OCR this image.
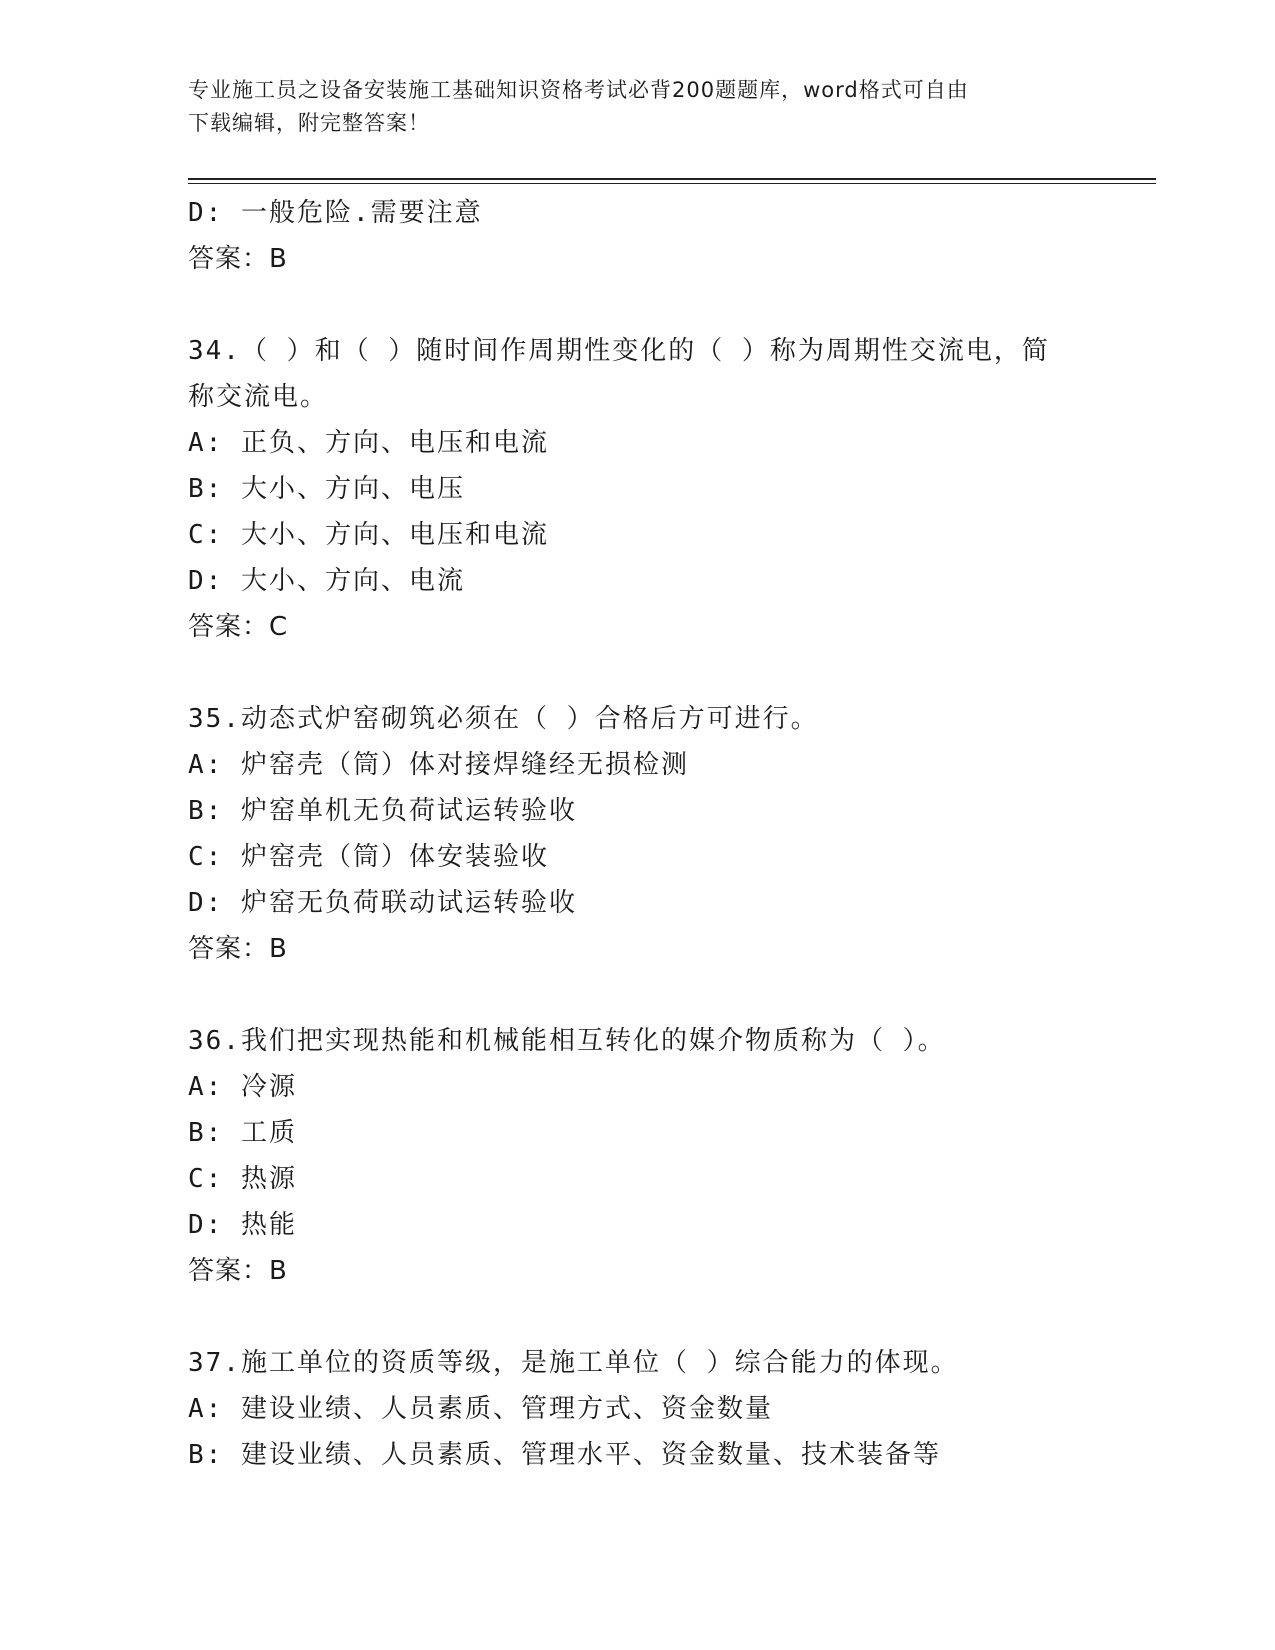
专业施工员之设备安装施工基础知识资格考试必背200题题库，word格式可自由
下载编辑，附完整答案！
D: 一般危险.需要注意
答案：B
34.（ ）和（ ）随时间作周期性变化的（ ）称为周期性交流电，简
称交流电。
A: 正负、方向、电压和电流
B: 大小、方向、电压
C: 大小、方向、电压和电流
D: 大小、方向、电流
答案：C
35.动态式炉窑砌筑必须在（ ）合格后方可进行。
A: 炉窑壳（筒）体对接焊缝经无损检测
B: 炉窑单机无负荷试运转验收
C: 炉窑壳（筒）体安装验收
D: 炉窑无负荷联动试运转验收
答案：B
36.我们把实现热能和机械能相互转化的媒介物质称为（ ）。
A: 冷源
B: 工质
C: 热源
D: 热能
答案：B
37.施工单位的资质等级，是施工单位（ ）综合能力的体现。
A: 建设业绩、人员素质、管理方式、资金数量
B: 建设业绩、人员素质、管理水平、资金数量、技术装备等
